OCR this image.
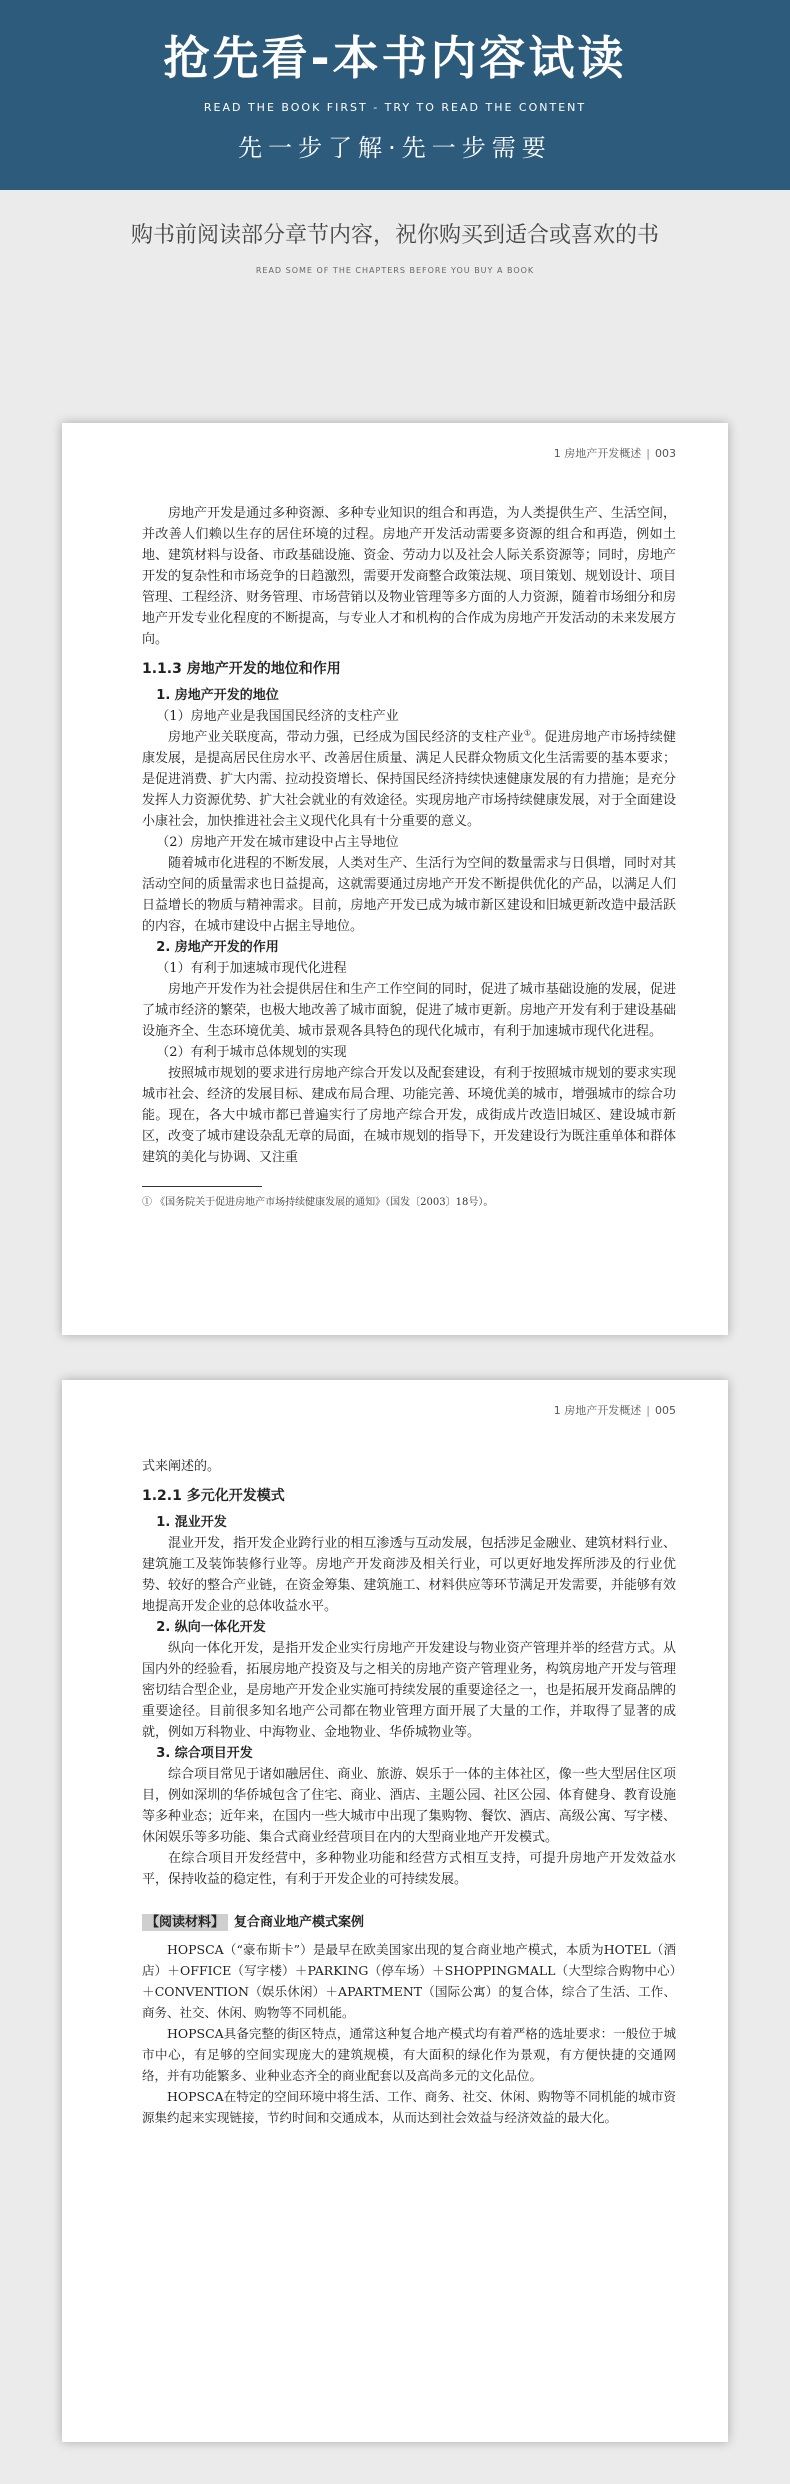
抢先看-本书内容试读
READ THE BOOK FIRST - TRY TO READ THE CONTENT
先一步了解·先一步需要
购书前阅读部分章节内容，祝你购买到适合或喜欢的书
READ SOME OF THE CHAPTERS BEFORE YOU BUY A BOOK
1 房地产开发概述 | 003

房地产开发是通过多种资源、多种专业知识的组合和再造，为人类提供生产、生活空间，并改善人们赖以生存的居住环境的过程。房地产开发活动需要多资源的组合和再造，例如土地、建筑材料与设备、市政基础设施、资金、劳动力以及社会人际关系资源等；同时，房地产开发的复杂性和市场竞争的日趋激烈，需要开发商整合政策法规、项目策划、规划设计、项目管理、工程经济、财务管理、市场营销以及物业管理等多方面的人力资源，随着市场细分和房地产开发专业化程度的不断提高，与专业人才和机构的合作成为房地产开发活动的未来发展方向。

1.1.3 房地产开发的地位和作用

1. 房地产开发的地位

（1）房地产业是我国国民经济的支柱产业

房地产业关联度高，带动力强，已经成为国民经济的支柱产业①。促进房地产市场持续健康发展，是提高居民住房水平、改善居住质量、满足人民群众物质文化生活需要的基本要求；是促进消费、扩大内需、拉动投资增长、保持国民经济持续快速健康发展的有力措施；是充分发挥人力资源优势、扩大社会就业的有效途径。实现房地产市场持续健康发展，对于全面建设小康社会，加快推进社会主义现代化具有十分重要的意义。

（2）房地产开发在城市建设中占主导地位

随着城市化进程的不断发展，人类对生产、生活行为空间的数量需求与日俱增，同时对其活动空间的质量需求也日益提高，这就需要通过房地产开发不断提供优化的产品，以满足人们日益增长的物质与精神需求。目前，房地产开发已成为城市新区建设和旧城更新改造中最活跃的内容，在城市建设中占据主导地位。

2. 房地产开发的作用

（1）有利于加速城市现代化进程

房地产开发作为社会提供居住和生产工作空间的同时，促进了城市基础设施的发展，促进了城市经济的繁荣，也极大地改善了城市面貌，促进了城市更新。房地产开发有利于建设基础设施齐全、生态环境优美、城市景观各具特色的现代化城市，有利于加速城市现代化进程。

（2）有利于城市总体规划的实现

按照城市规划的要求进行房地产综合开发以及配套建设，有利于按照城市规划的要求实现城市社会、经济的发展目标、建成布局合理、功能完善、环境优美的城市，增强城市的综合功能。现在，各大中城市都已普遍实行了房地产综合开发，成街成片改造旧城区、建设城市新区，改变了城市建设杂乱无章的局面，在城市规划的指导下，开发建设行为既注重单体和群体建筑的美化与协调、又注重

① 《国务院关于促进房地产市场持续健康发展的通知》（国发〔2003〕18号）。

1 房地产开发概述 | 005

式来阐述的。

1.2.1 多元化开发模式

1. 混业开发

混业开发，指开发企业跨行业的相互渗透与互动发展，包括涉足金融业、建筑材料行业、建筑施工及装饰装修行业等。房地产开发商涉及相关行业，可以更好地发挥所涉及的行业优势、较好的整合产业链，在资金筹集、建筑施工、材料供应等环节满足开发需要，并能够有效地提高开发企业的总体收益水平。

2. 纵向一体化开发

纵向一体化开发，是指开发企业实行房地产开发建设与物业资产管理并举的经营方式。从国内外的经验看，拓展房地产投资及与之相关的房地产资产管理业务，构筑房地产开发与管理密切结合型企业，是房地产开发企业实施可持续发展的重要途径之一，也是拓展开发商品牌的重要途径。目前很多知名地产公司都在物业管理方面开展了大量的工作，并取得了显著的成就，例如万科物业、中海物业、金地物业、华侨城物业等。

3. 综合项目开发

综合项目常见于诸如融居住、商业、旅游、娱乐于一体的主体社区，像一些大型居住区项目，例如深圳的华侨城包含了住宅、商业、酒店、主题公园、社区公园、体育健身、教育设施等多种业态；近年来，在国内一些大城市中出现了集购物、餐饮、酒店、高级公寓、写字楼、休闲娱乐等多功能、集合式商业经营项目在内的大型商业地产开发模式。

在综合项目开发经营中，多种物业功能和经营方式相互支持，可提升房地产开发效益水平，保持收益的稳定性，有利于开发企业的可持续发展。

【阅读材料】 复合商业地产模式案例

HOPSCA（“豪布斯卡”）是最早在欧美国家出现的复合商业地产模式，本质为HOTEL（酒店）＋OFFICE（写字楼）＋PARKING（停车场）＋SHOPPINGMALL（大型综合购物中心）＋CONVENTION（娱乐休闲）＋APARTMENT（国际公寓）的复合体，综合了生活、工作、商务、社交、休闲、购物等不同机能。

HOPSCA具备完整的街区特点，通常这种复合地产模式均有着严格的选址要求：一般位于城市中心，有足够的空间实现庞大的建筑规模，有大面积的绿化作为景观，有方便快捷的交通网络，并有功能繁多、业种业态齐全的商业配套以及高尚多元的文化品位。

HOPSCA在特定的空间环境中将生活、工作、商务、社交、休闲、购物等不同机能的城市资源集约起来实现链接，节约时间和交通成本，从而达到社会效益与经济效益的最大化。
